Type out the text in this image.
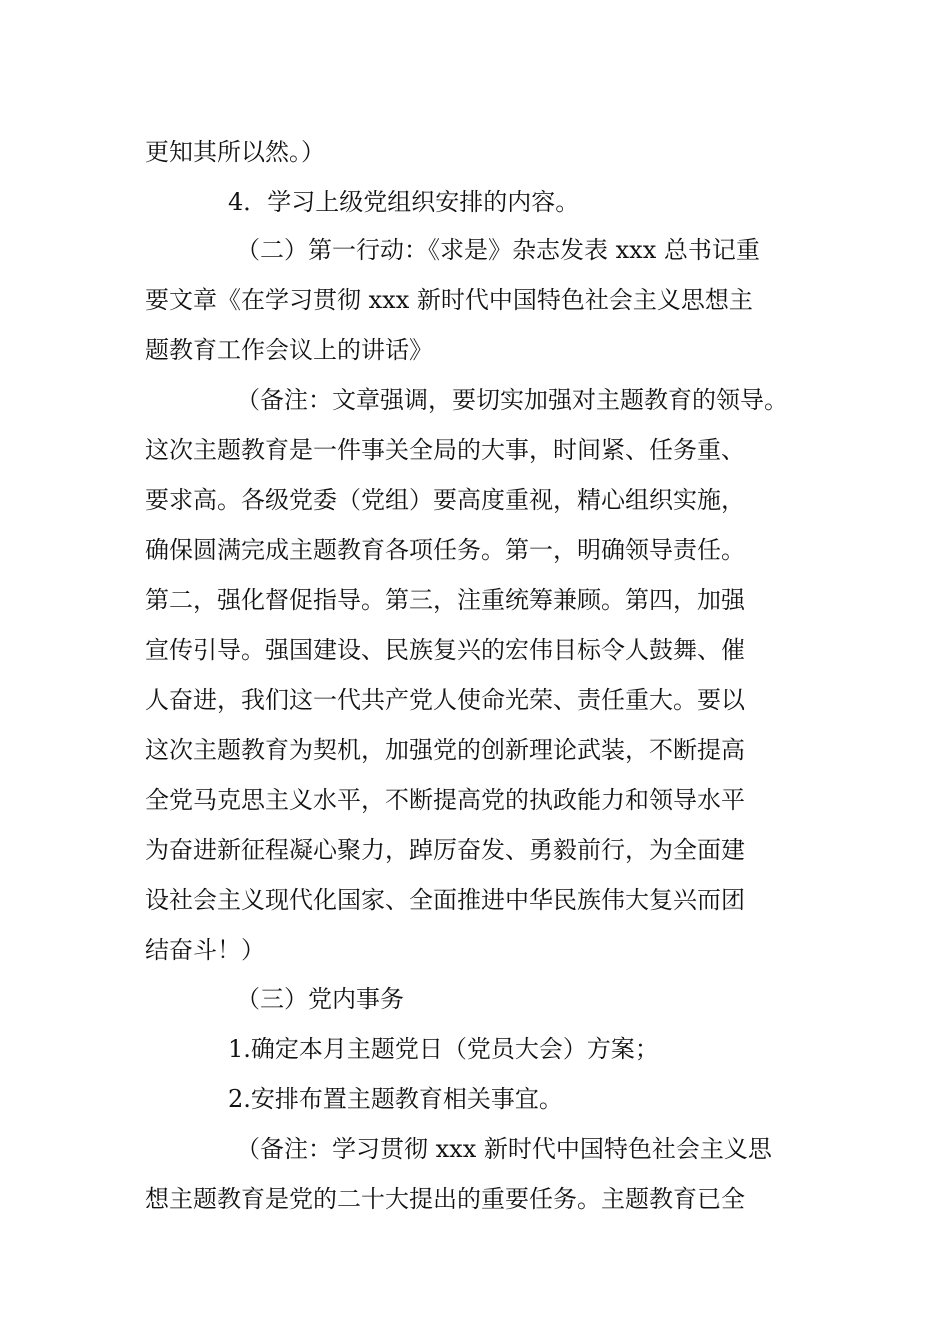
更知其所以然。）
4．学习上级党组织安排的内容。
（二）第一行动：《求是》杂志发表 xxx 总书记重
要文章《在学习贯彻 xxx 新时代中国特色社会主义思想主
题教育工作会议上的讲话》
（备注：文章强调，要切实加强对主题教育的领导。
这次主题教育是一件事关全局的大事，时间紧、任务重、
要求高。各级党委（党组）要高度重视，精心组织实施，
确保圆满完成主题教育各项任务。第一，明确领导责任。
第二，强化督促指导。第三，注重统筹兼顾。第四，加强
宣传引导。强国建设、民族复兴的宏伟目标令人鼓舞、催
人奋进，我们这一代共产党人使命光荣、责任重大。要以
这次主题教育为契机，加强党的创新理论武装，不断提高
全党马克思主义水平，不断提高党的执政能力和领导水平
为奋进新征程凝心聚力，踔厉奋发、勇毅前行，为全面建
设社会主义现代化国家、全面推进中华民族伟大复兴而团
结奋斗！）
（三）党内事务
1.确定本月主题党日（党员大会）方案；
2.安排布置主题教育相关事宜。
（备注：学习贯彻 xxx 新时代中国特色社会主义思
想主题教育是党的二十大提出的重要任务。主题教育已全
